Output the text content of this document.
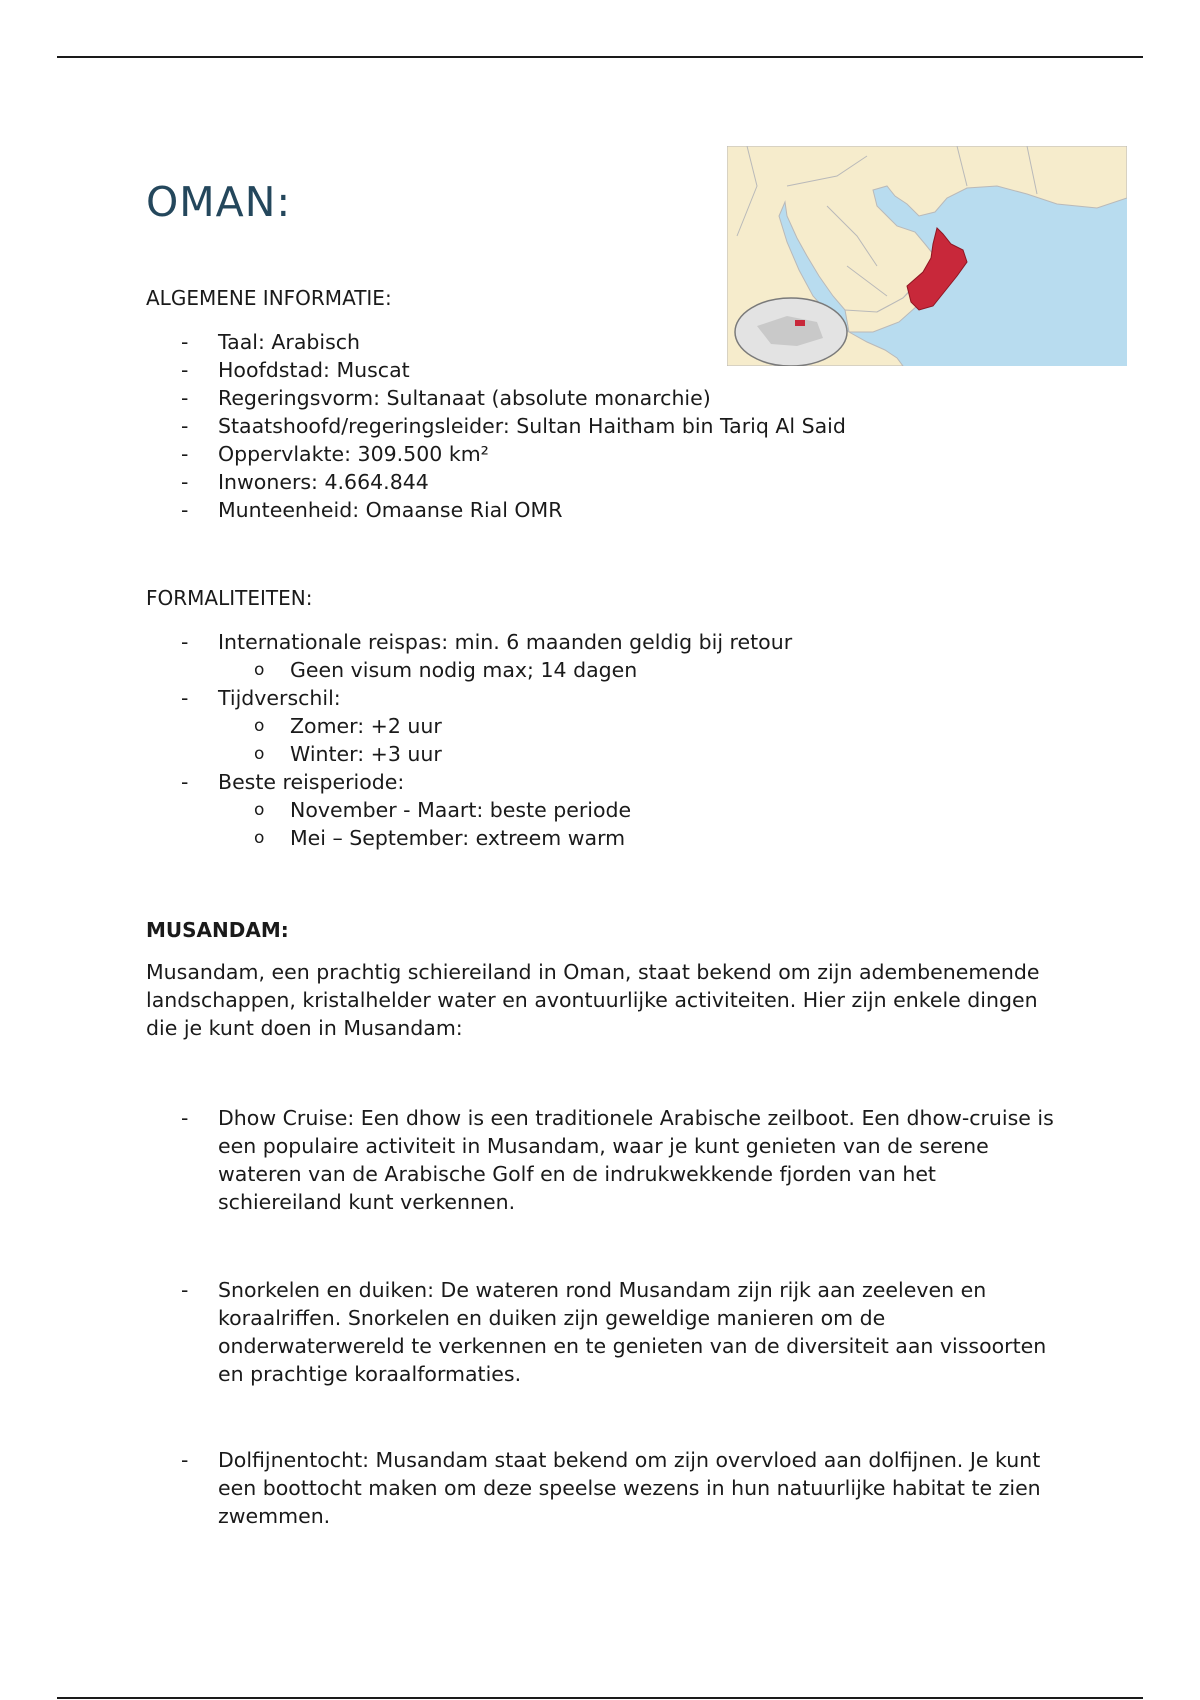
OMAN:

ALGEMENE INFORMATIE:

- Taal: Arabisch
- Hoofdstad: Muscat
- Regeringsvorm: Sultanaat (absolute monarchie)
- Staatshoofd/regeringsleider: Sultan Haitham bin Tariq Al Said
- Oppervlakte: 309.500 km²
- Inwoners: 4.664.844
- Munteenheid: Omaanse Rial OMR

FORMALITEITEN:

- Internationale reispas: min. 6 maanden geldig bij retour
o Geen visum nodig max; 14 dagen
- Tijdverschil:
o Zomer: +2 uur
o Winter: +3 uur
- Beste reisperiode:
o November - Maart: beste periode
o Mei – September: extreem warm

MUSANDAM:

Musandam, een prachtig schiereiland in Oman, staat bekend om zijn adembenemende landschappen, kristalhelder water en avontuurlijke activiteiten. Hier zijn enkele dingen die je kunt doen in Musandam:

- Dhow Cruise: Een dhow is een traditionele Arabische zeilboot. Een dhow-cruise is een populaire activiteit in Musandam, waar je kunt genieten van de serene wateren van de Arabische Golf en de indrukwekkende fjorden van het schiereiland kunt verkennen.
- Snorkelen en duiken: De wateren rond Musandam zijn rijk aan zeeleven en koraalriffen. Snorkelen en duiken zijn geweldige manieren om de onderwaterwereld te verkennen en te genieten van de diversiteit aan vissoorten en prachtige koraalformaties.
- Dolfijnentocht: Musandam staat bekend om zijn overvloed aan dolfijnen. Je kunt een boottocht maken om deze speelse wezens in hun natuurlijke habitat te zien zwemmen.
